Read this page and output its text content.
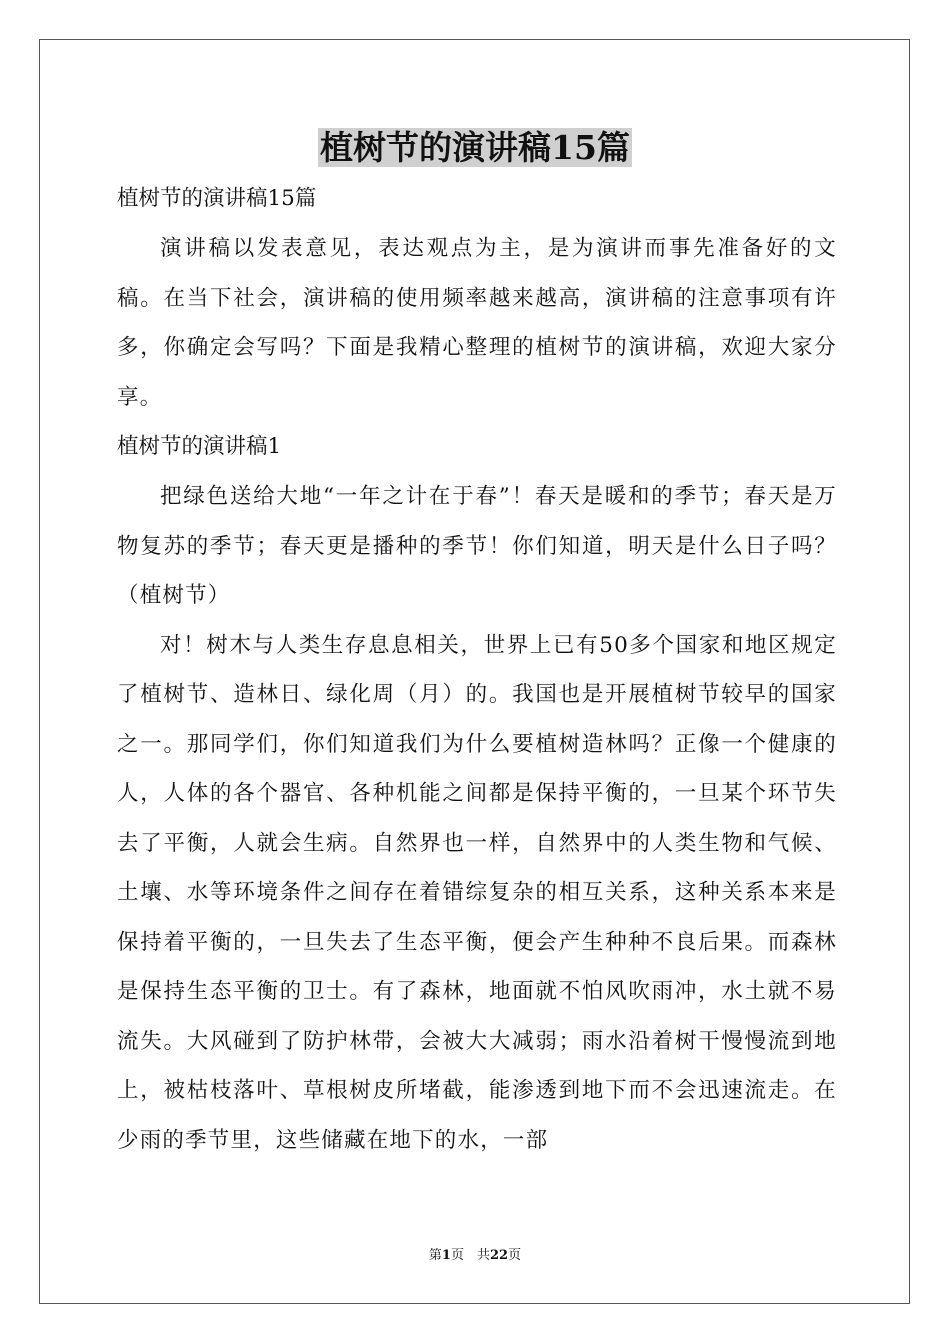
植树节的演讲稿15篇

植树节的演讲稿15篇

演讲稿以发表意见，表达观点为主，是为演讲而事先准备好的文稿。在当下社会，演讲稿的使用频率越来越高，演讲稿的注意事项有许多，你确定会写吗？下面是我精心整理的植树节的演讲稿，欢迎大家分享。

植树节的演讲稿1

把绿色送给大地“一年之计在于春”！春天是暖和的季节；春天是万物复苏的季节；春天更是播种的季节！你们知道，明天是什么日子吗？（植树节）

对！树木与人类生存息息相关，世界上已有50多个国家和地区规定了植树节、造林日、绿化周（月）的。我国也是开展植树节较早的国家之一。那同学们，你们知道我们为什么要植树造林吗？正像一个健康的人，人体的各个器官、各种机能之间都是保持平衡的，一旦某个环节失去了平衡，人就会生病。自然界也一样，自然界中的人类生物和气候、土壤、水等环境条件之间存在着错综复杂的相互关系，这种关系本来是保持着平衡的，一旦失去了生态平衡，便会产生种种不良后果。而森林是保持生态平衡的卫士。有了森林，地面就不怕风吹雨冲，水土就不易流失。大风碰到了防护林带，会被大大减弱；雨水沿着树干慢慢流到地上，被枯枝落叶、草根树皮所堵截，能渗透到地下而不会迅速流走。在少雨的季节里，这些储藏在地下的水，一部

第1页　共22页
